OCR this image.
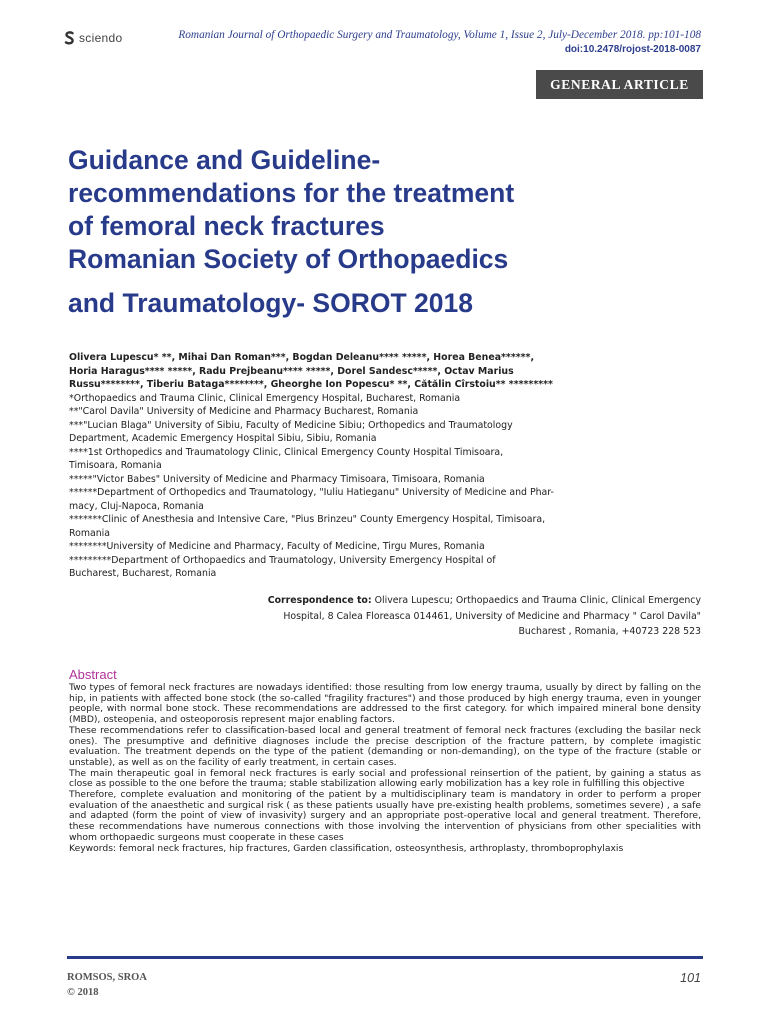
sciendo	Romanian Journal of Orthopaedic Surgery and Traumatology, Volume 1, Issue 2, July-December 2018. pp:101-108
doi:10.2478/rojost-2018-0087
GENERAL ARTICLE
Guidance and Guideline-
recommendations for the treatment
of femoral neck fractures
Romanian Society of Orthopaedics
and Traumatology- SOROT 2018
Olivera Lupescu* **, Mihai Dan Roman***, Bogdan Deleanu**** *****, Horea Benea******,
Horia Haragus**** *****, Radu Prejbeanu**** *****, Dorel Sandesc*****, Octav Marius
Russu********, Tiberiu Bataga********, Gheorghe Ion Popescu* **, Cătălin Cîrstoiu** *********
*Orthopaedics and Trauma Clinic, Clinical Emergency Hospital, Bucharest, Romania
**"Carol Davila" University of Medicine and Pharmacy Bucharest, Romania
***"Lucian Blaga" University of Sibiu, Faculty of Medicine Sibiu; Orthopedics and Traumatology
Department, Academic Emergency Hospital Sibiu, Sibiu, Romania
****1st Orthopedics and Traumatology Clinic, Clinical Emergency County Hospital Timisoara,
Timisoara, Romania
*****"Victor Babes" University of Medicine and Pharmacy Timisoara, Timisoara, Romania
******Department of Orthopedics and Traumatology, "Iuliu Hatieganu" University of Medicine and Phar-
macy, Cluj-Napoca, Romania
*******Clinic of Anesthesia and Intensive Care, "Pius Brinzeu" County Emergency Hospital, Timisoara,
Romania
********University of Medicine and Pharmacy, Faculty of Medicine, Tirgu Mures, Romania
*********Department of Orthopaedics and Traumatology, University Emergency Hospital of
Bucharest, Bucharest, Romania
Correspondence to: Olivera Lupescu; Orthopaedics and Trauma Clinic, Clinical Emergency
Hospital, 8 Calea Floreasca 014461, University of Medicine and Pharmacy " Carol Davila"
Bucharest , Romania, +40723 228 523
Abstract

Two types of femoral neck fractures are nowadays identified: those resulting from low energy trauma, usually by direct by falling on the hip, in patients with affected bone stock (the so-called "fragility fractures") and those produced by high energy trauma, even in younger people, with normal bone stock. These recommendations are addressed to the first category. for which impaired mineral bone density (MBD), osteopenia, and osteoporosis represent major enabling factors.

These recommendations refer to classification-based local and general treatment of femoral neck fractures (excluding the basilar neck ones). The presumptive and definitive diagnoses include the precise description of the fracture pattern, by complete imagistic evaluation. The treatment depends on the type of the patient (demanding or non-demanding), on the type of the fracture (stable or unstable), as well as on the facility of early treatment, in certain cases.

The main therapeutic goal in femoral neck fractures is early social and professional reinsertion of the patient, by gaining a status as close as possible to the one before the trauma; stable stabilization allowing early mobilization has a key role in fulfilling this objective

Therefore, complete evaluation and monitoring of the patient by a multidisciplinary team is mandatory in order to perform a proper evaluation of the anaesthetic and surgical risk ( as these patients usually have pre-existing health problems, sometimes severe) , a safe and adapted (form the point of view of invasivity) surgery and an appropriate post-operative local and general treatment. Therefore, these recommendations have numerous connections with those involving the intervention of physicians from other specialities with whom orthopaedic surgeons must cooperate in these cases

Keywords: femoral neck fractures, hip fractures, Garden classification, osteosynthesis, arthroplasty, thromboprophylaxis

ROMSOS, SROA
© 2018
101
